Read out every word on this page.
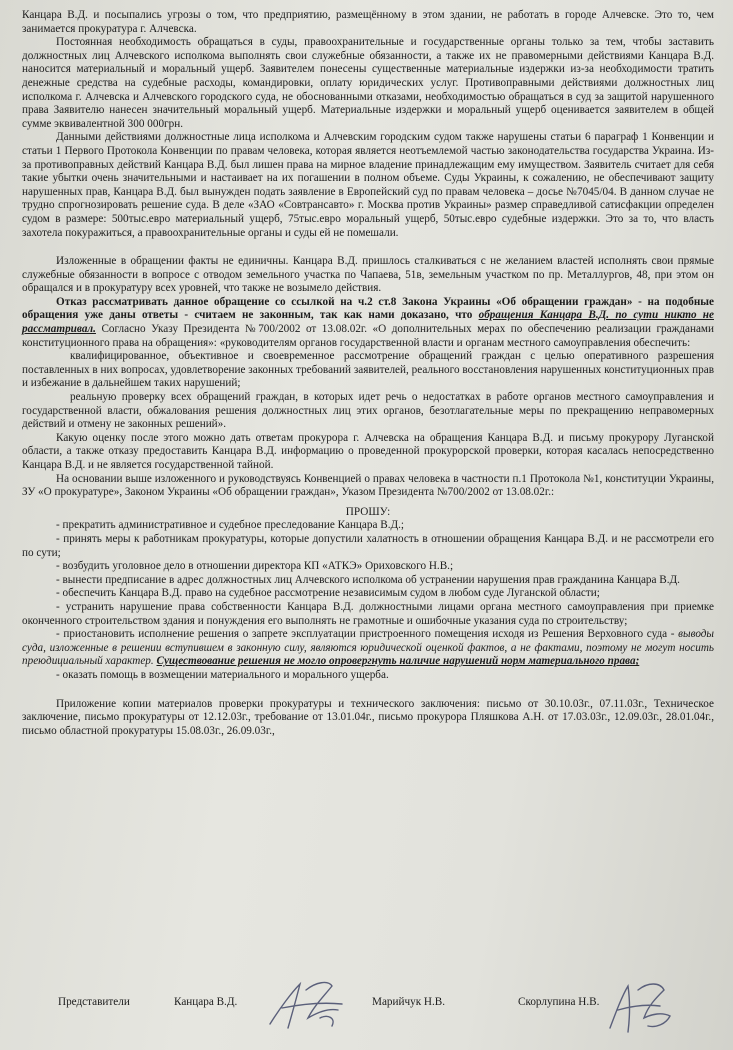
Канцара В.Д. и посыпались угрозы о том, что предприятию, размещённому в этом здании, не работать в городе Алчевске. Это то, чем занимается прокуратура г. Алчевска.

Постоянная необходимость обращаться в суды, правоохранительные и государственные органы только за тем, чтобы заставить должностных лиц Алчевского исполкома выполнять свои служебные обязанности, а также их не правомерными действиями Канцара В.Д. наносится материальный и моральный ущерб. Заявителем понесены существенные материальные издержки из-за необходимости тратить денежные средства на судебные расходы, командировки, оплату юридических услуг. Противоправными действиями должностных лиц исполкома г. Алчевска и Алчевского городского суда, не обоснованными отказами, необходимостью обращаться в суд за защитой нарушенного права Заявителю нанесен значительный моральный ущерб. Материальные издержки и моральный ущерб оценивается заявителем в общей сумме эквивалентной 300 000грн.

Данными действиями должностные лица исполкома и Алчевским городским судом также нарушены статьи 6 параграф 1 Конвенции и статьи 1 Первого Протокола Конвенции по правам человека, которая является неотъемлемой частью законодательства государства Украина. Из-за противоправных действий Канцара В.Д. был лишен права на мирное владение принадлежащим ему имуществом. Заявитель считает для себя такие убытки очень значительными и настаивает на их погашении в полном объеме. Суды Украины, к сожалению, не обеспечивают защиту нарушенных прав, Канцара В.Д. был вынужден подать заявление в Европейский суд по правам человека – досье №7045/04. В данном случае не трудно спрогнозировать решение суда. В деле «ЗАО «Совтрансавто» г. Москва против Украины» размер справедливой сатисфакции определен судом в размере: 500тыс.евро материальный ущерб, 75тыс.евро моральный ущерб, 50тыс.евро судебные издержки. Это за то, что власть захотела покуражиться, а правоохранительные органы и суды ей не помешали.

Изложенные в обращении факты не единичны. Канцара В.Д. пришлось сталкиваться с не желанием властей исполнять свои прямые служебные обязанности в вопросе с отводом земельного участка по Чапаева, 51в, земельным участком по пр. Металлургов, 48, при этом он обращался и в прокуратуру всех уровней, что также не возымело действия.

Отказ рассматривать данное обращение со ссылкой на ч.2 ст.8 Закона Украины «Об обращении граждан» - на подобные обращения уже даны ответы - считаем не законным, так как нами доказано, что обращения Канцара В.Д. по сути никто не рассматривал. Согласно Указу Президента №700/2002 от 13.08.02г. «О дополнительных мерах по обеспечению реализации гражданами конституционного права на обращения»: «руководителям органов государственной власти и органам местного самоуправления обеспечить:

квалифицированное, объективное и своевременное рассмотрение обращений граждан с целью оперативного разрешения поставленных в них вопросах, удовлетворение законных требований заявителей, реального восстановления нарушенных конституционных прав и избежание в дальнейшем таких нарушений;

реальную проверку всех обращений граждан, в которых идет речь о недостатках в работе органов местного самоуправления и государственной власти, обжалования решения должностных лиц этих органов, безотлагательные меры по прекращению неправомерных действий и отмену не законных решений».

Какую оценку после этого можно дать ответам прокурора г. Алчевска на обращения Канцара В.Д. и письму прокурору Луганской области, а также отказу предоставить Канцара В.Д. информацию о проведенной прокурорской проверки, которая касалась непосредственно Канцара В.Д. и не является государственной тайной.

На основании выше изложенного и руководствуясь Конвенцией о правах человека в частности п.1 Протокола №1, конституции Украины, ЗУ «О прокуратуре», Законом Украины «Об обращении граждан», Указом Президента №700/2002 от 13.08.02г.:

ПРОШУ:

- прекратить административное и судебное преследование Канцара В.Д.;

- принять меры к работникам прокуратуры, которые допустили халатность в отношении обращения Канцара В.Д. и не рассмотрели его по сути;

- возбудить уголовное дело в отношении директора КП «АТКЭ» Ориховского Н.В.;

- вынести предписание в адрес должностных лиц Алчевского исполкома об устранении нарушения прав гражданина Канцара В.Д.

- обеспечить Канцара В.Д. право на судебное рассмотрение независимым судом в любом суде Луганской области;

- устранить нарушение права собственности Канцара В.Д. должностными лицами органа местного самоуправления при приемке оконченного строительством здания и понуждения его выполнять не грамотные и ошибочные указания суда по строительству;

- приостановить исполнение решения о запрете эксплуатации пристроенного помещения исходя из Решения Верховного суда - выводы суда, изложенные в решении вступившем в законную силу, являются юридической оценкой фактов, а не фактами, поэтому не могут носить преюдициальный характер. Существование решения не могло опровергнуть наличие нарушений норм материального права;

- оказать помощь в возмещении материального и морального ущерба.

Приложение копии материалов проверки прокуратуры и технического заключения: письмо от 30.10.03г., 07.11.03г., Техническое заключение, письмо прокуратуры от 12.12.03г., требование от 13.01.04г., письмо прокурора Пляшкова А.Н. от 17.03.03г., 12.09.03г., 28.01.04г., письмо областной прокуратуры 15.08.03г., 26.09.03г.,

Представители	Канцара В.Д.	Марийчук Н.В.	Скорлупина Н.В.
